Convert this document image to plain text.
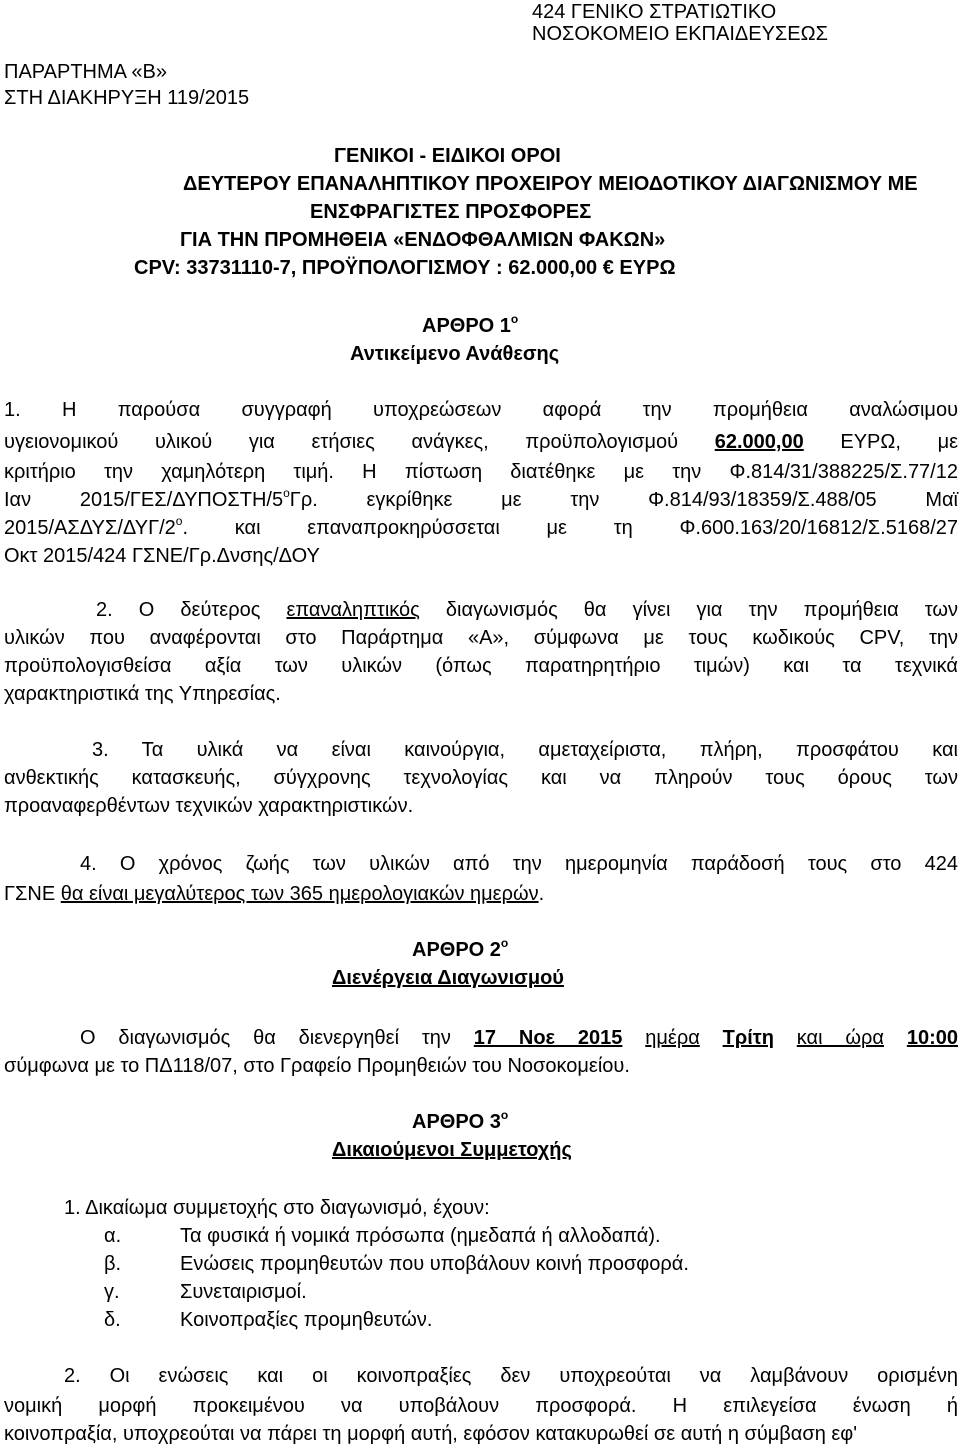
424 ΓΕΝΙΚΟ ΣΤΡΑΤΙΩΤΙΚΟ
ΝΟΣΟΚΟΜΕΙΟ ΕΚΠΑΙΔΕΥΣΕΩΣ
ΠΑΡΑΡΤΗΜΑ «Β»
ΣΤΗ ΔΙΑΚΗΡΥΞΗ 119/2015
ΓΕΝΙΚΟΙ - ΕΙΔΙΚΟΙ ΟΡΟΙ
ΔΕΥΤΕΡΟΥ ΕΠΑΝΑΛΗΠΤΙΚΟΥ ΠΡΟΧΕΙΡΟΥ ΜΕΙΟΔΟΤΙΚΟΥ ΔΙΑΓΩΝΙΣΜΟΥ ΜΕ
ΕΝΣΦΡΑΓΙΣΤΕΣ ΠΡΟΣΦΟΡΕΣ
ΓΙΑ ΤΗΝ ΠΡΟΜΗΘΕΙΑ «ΕΝΔΟΦΘΑΛΜΙΩΝ ΦΑΚΩΝ»
CPV: 33731110-7, ΠΡΟΫΠΟΛΟΓΙΣΜΟΥ : 62.000,00 € ΕΥΡΩ
ΑΡΘΡΟ $1^o$
Αντικείμενο Ανάθεσης
1. Η παρούσα συγγραφή υποχρεώσεων αφορά την προμήθεια αναλώσιμου
υγειονομικού υλικού για ετήσιες ανάγκες, προϋπολογισμού 62.000,00 ΕΥΡΩ, με
κριτήριο την χαμηλότερη τιμή. Η πίστωση διατέθηκε με την Φ.814/31/388225/Σ.77/12
Ιαν $2015/\Gamma E\Sigma/\Delta\Upsilon\Pi O\Sigma TH/5^o\Gamma\rho$. εγκρίθηκε με την Φ.814/93/18359/Σ.488/05 Μαϊ
$2015/A\Sigma\Delta\Upsilon\Sigma/\Delta\Upsilon\Gamma/2^o$. και επαναπροκηρύσσεται με τη Φ.600.163/20/16812/Σ.5168/27
Οκτ 2015/424 ΓΣΝΕ/Γρ.Δνσης/ΔΟΥ
2. Ο δεύτερος επαναληπτικός διαγωνισμός θα γίνει για την προμήθεια των
υλικών που αναφέρονται στο Παράρτημα «Α», σύμφωνα με τους κωδικούς CPV, την
προϋπολογισθείσα αξία των υλικών (όπως παρατηρητήριο τιμών) και τα τεχνικά
χαρακτηριστικά της Υπηρεσίας.
3. Τα υλικά να είναι καινούργια, αμεταχείριστα, πλήρη, προσφάτου και
ανθεκτικής κατασκευής, σύγχρονης τεχνολογίας και να πληρούν τους όρους των
προαναφερθέντων τεχνικών χαρακτηριστικών.
4. Ο χρόνος ζωής των υλικών από την ημερομηνία παράδοσή τους στο 424
ΓΣΝΕ θα είναι μεγαλύτερος των 365 ημερολογιακών ημερών.
ΑΡΘΡΟ $2^o$
Διενέργεια Διαγωνισμού
Ο διαγωνισμός θα διενεργηθεί την 17 Νοε 2015 ημέρα Τρίτη και ώρα 10:00
σύμφωνα με το ΠΔ118/07, στο Γραφείο Προμηθειών του Νοσοκομείου.
ΑΡΘΡΟ $3^o$
Δικαιούμενοι Συμμετοχής
1. Δικαίωμα συμμετοχής στο διαγωνισμό, έχουν:
α.	Τα φυσικά ή νομικά πρόσωπα (ημεδαπά ή αλλοδαπά).
β.	Ενώσεις προμηθευτών που υποβάλουν κοινή προσφορά.
γ.	Συνεταιρισμοί.
δ.	Κοινοπραξίες προμηθευτών.
2. Οι ενώσεις και οι κοινοπραξίες δεν υποχρεούται να λαμβάνουν ορισμένη
νομική μορφή προκειμένου να υποβάλουν προσφορά. Η επιλεγείσα ένωση ή
κοινοπραξία, υποχρεούται να πάρει τη μορφή αυτή, εφόσον κατακυρωθεί σε αυτή η σύμβαση εφ'
